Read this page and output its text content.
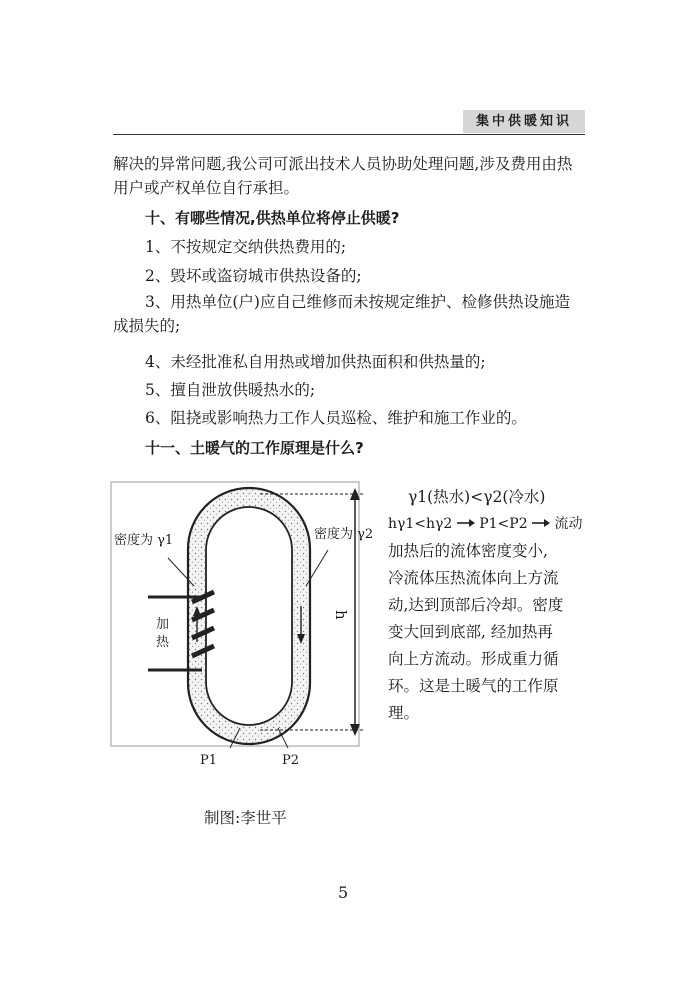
集中供暖知识

解决的异常问题,我公司可派出技术人员协助处理问题,涉及费用由热用户或产权单位自行承担。

十、有哪些情况,供热单位将停止供暖?
1、不按规定交纳供热费用的;
2、毁坏或盗窃城市供热设备的;

3、用热单位(户)应自己维修而未按规定维护、检修供热设施造成损失的;

4、未经批准私自用热或增加供热面积和供热量的;
5、擅自泄放供暖热水的;
6、阻挠或影响热力工作人员巡检、维护和施工作业的。
十一、土暖气的工作原理是什么?
密度为 γ1	密度为 γ2
加
热
h
P1	P2
γ1(热水)<γ2(冷水)
hγ1<hγ2 P1<P2 流动
加热后的流体密度变小,
冷流体压热流体向上方流
动,达到顶部后冷却。密度
变大回到底部, 经加热再
向上方流动。形成重力循
环。这是土暖气的工作原
理。
制图:李世平
5
